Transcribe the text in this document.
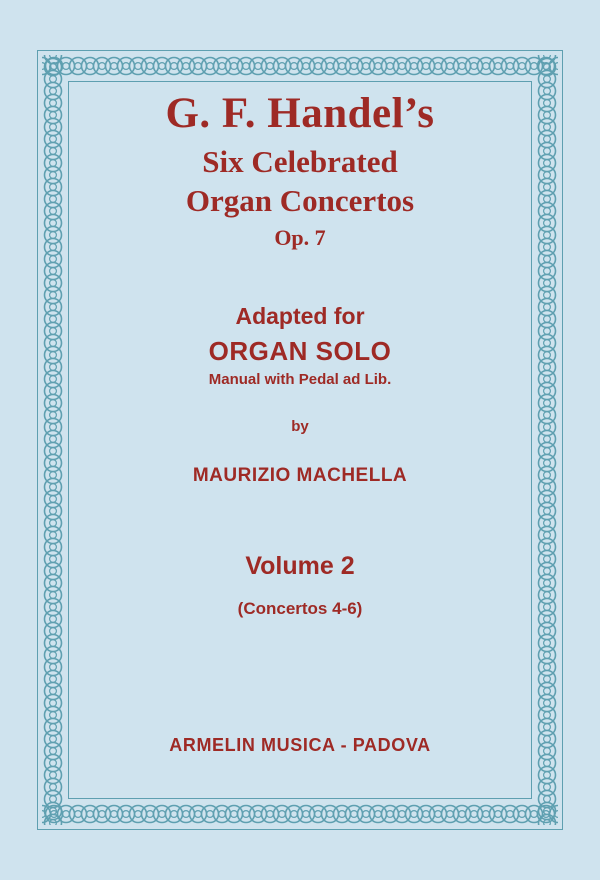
G. F. Handel’s
Six Celebrated
Organ Concertos
Op. 7
Adapted for
ORGAN SOLO
Manual with Pedal ad Lib.
by
MAURIZIO MACHELLA
Volume 2
(Concertos 4-6)
ARMELIN MUSICA - PADOVA
